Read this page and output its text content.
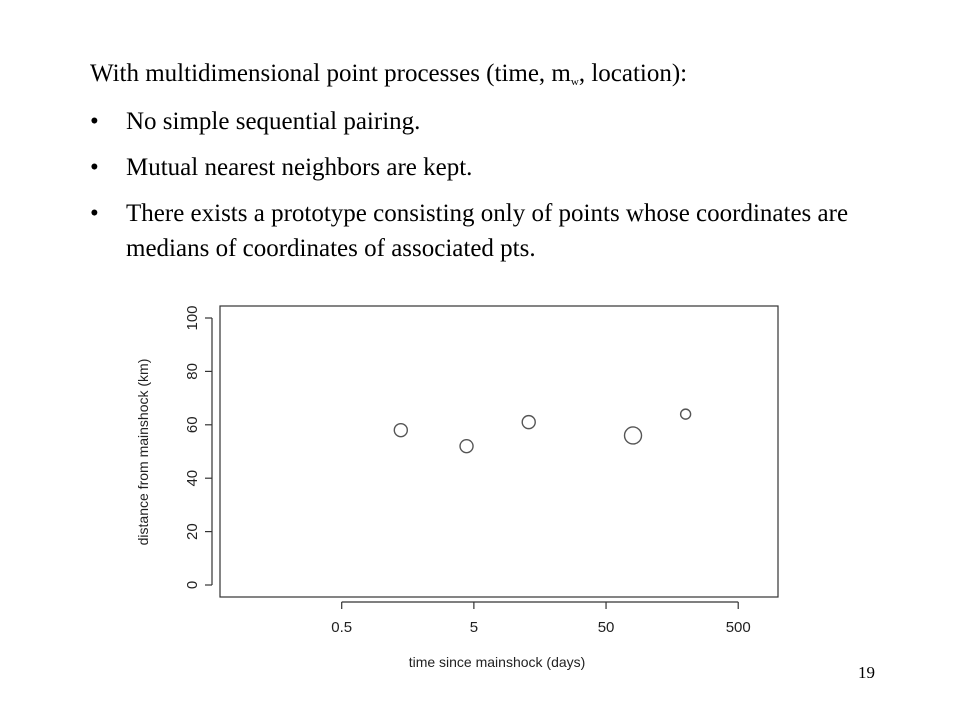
With multidimensional point processes (time, $m_w$, location):
•	No simple sequential pairing.
•	Mutual nearest neighbors are kept.
•	There exists a prototype consisting only of points whose coordinates are medians of coordinates of associated pts.
0.5	5	50	500
0
20
40
60
80
100
time since mainshock (days)
distance from mainshock (km)
19
